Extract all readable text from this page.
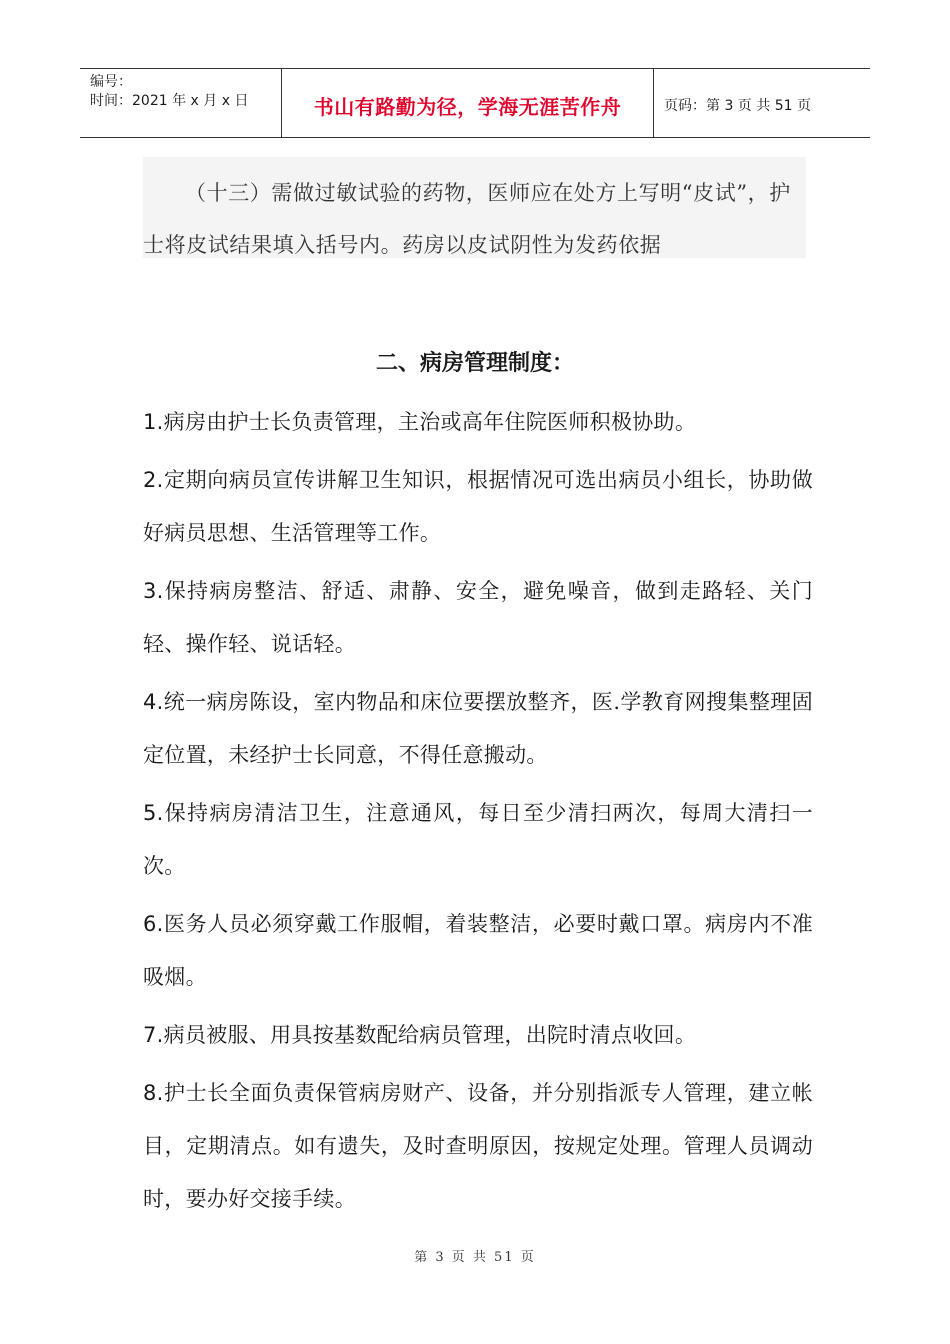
编号：
时间：2021 年 x 月 x 日	书山有路勤为径，学海无涯苦作舟	页码：第 3 页 共 51 页

（十三）需做过敏试验的药物，医师应在处方上写明“皮试”，护士将皮试结果填入括号内。药房以皮试阴性为发药依据

二、病房管理制度：

1.病房由护士长负责管理，主治或高年住院医师积极协助。

2.定期向病员宣传讲解卫生知识，根据情况可选出病员小组长，协助做好病员思想、生活管理等工作。

3.保持病房整洁、舒适、肃静、安全，避免噪音，做到走路轻、关门轻、操作轻、说话轻。

4.统一病房陈设，室内物品和床位要摆放整齐，医.学教育网搜集整理固定位置，未经护士长同意，不得任意搬动。

5.保持病房清洁卫生，注意通风，每日至少清扫两次，每周大清扫一次。

6.医务人员必须穿戴工作服帽，着装整洁，必要时戴口罩。病房内不准吸烟。

7.病员被服、用具按基数配给病员管理，出院时清点收回。

8.护士长全面负责保管病房财产、设备，并分别指派专人管理，建立帐目，定期清点。如有遗失，及时查明原因，按规定处理。管理人员调动时，要办好交接手续。

第 3 页 共 51 页
